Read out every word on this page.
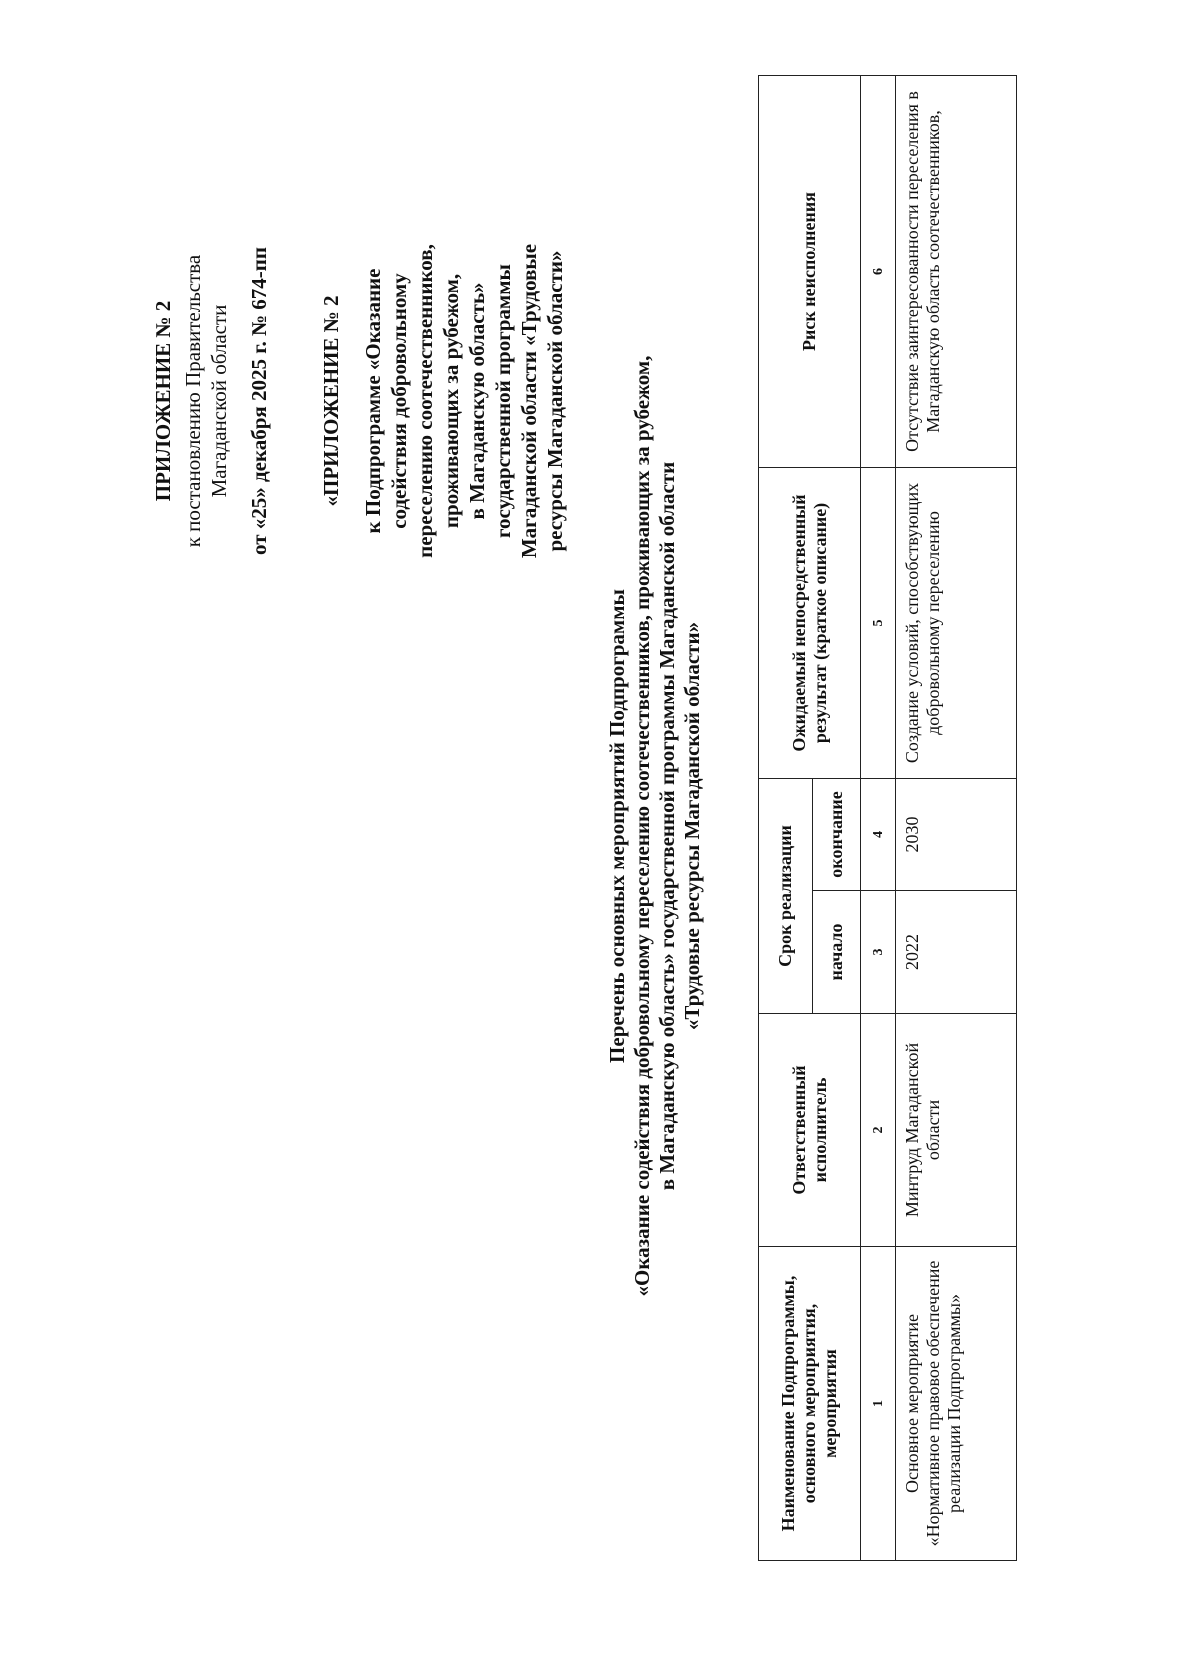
ПРИЛОЖЕНИЕ № 2 к постановлению Правительства Магаданской области от «25» декабря 2025 г. № 674-пп «ПРИЛОЖЕНИЕ № 2 к Подпрограмме «Оказание содействия добровольному переселению соотечественников, проживающих за рубежом, в Магаданскую область» государственной программы Магаданской области «Трудовые ресурсы Магаданской области»
Перечень основных мероприятий Подпрограммы «Оказание содействия добровольному переселению соотечественников, проживающих за рубежом, в Магаданскую область» государственной программы Магаданской области «Трудовые ресурсы Магаданской области»
Наименование Подпрограммы, основного мероприятия, мероприятия	Ответственный исполнитель	Срок реализации		Ожидаемый непосредственный результат (краткое описание)	Риск неисполнения
		начало	окончание		
1	2	3	4	5	6
Основное мероприятие «Нормативное правовое обеспечение реализации Подпрограммы»	Минтруд Магаданской области	2022	2030	Создание условий, способствующих добровольному переселению	Отсутствие заинтересованности переселения в Магаданскую область соотечественников,
